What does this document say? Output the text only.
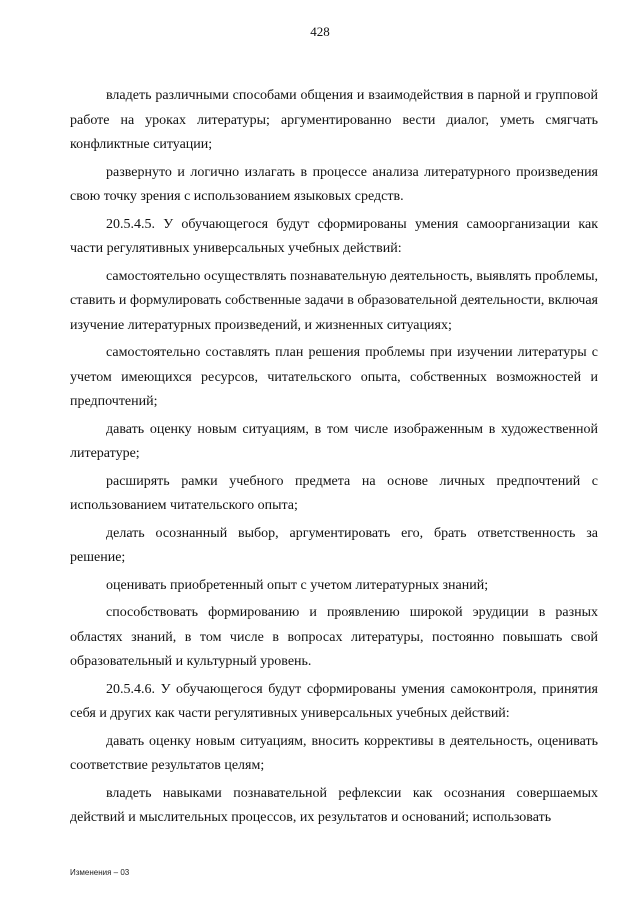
428

владеть различными способами общения и взаимодействия в парной и групповой работе на уроках литературы; аргументированно вести диалог, уметь смягчать конфликтные ситуации;

развернуто и логично излагать в процессе анализа литературного произведения свою точку зрения с использованием языковых средств.

20.5.4.5. У обучающегося будут сформированы умения самоорганизации как части регулятивных универсальных учебных действий:

самостоятельно осуществлять познавательную деятельность, выявлять проблемы, ставить и формулировать собственные задачи в образовательной деятельности, включая изучение литературных произведений, и жизненных ситуациях;

самостоятельно составлять план решения проблемы при изучении литературы с учетом имеющихся ресурсов, читательского опыта, собственных возможностей и предпочтений;

давать оценку новым ситуациям, в том числе изображенным в художественной литературе;

расширять рамки учебного предмета на основе личных предпочтений с использованием читательского опыта;

делать осознанный выбор, аргументировать его, брать ответственность за решение;

оценивать приобретенный опыт с учетом литературных знаний;

способствовать формированию и проявлению широкой эрудиции в разных областях знаний, в том числе в вопросах литературы, постоянно повышать свой образовательный и культурный уровень.

20.5.4.6. У обучающегося будут сформированы умения самоконтроля, принятия себя и других как части регулятивных универсальных учебных действий:

давать оценку новым ситуациям, вносить коррективы в деятельность, оценивать соответствие результатов целям;

владеть навыками познавательной рефлексии как осознания совершаемых действий и мыслительных процессов, их результатов и оснований; использовать

Изменения – 03
